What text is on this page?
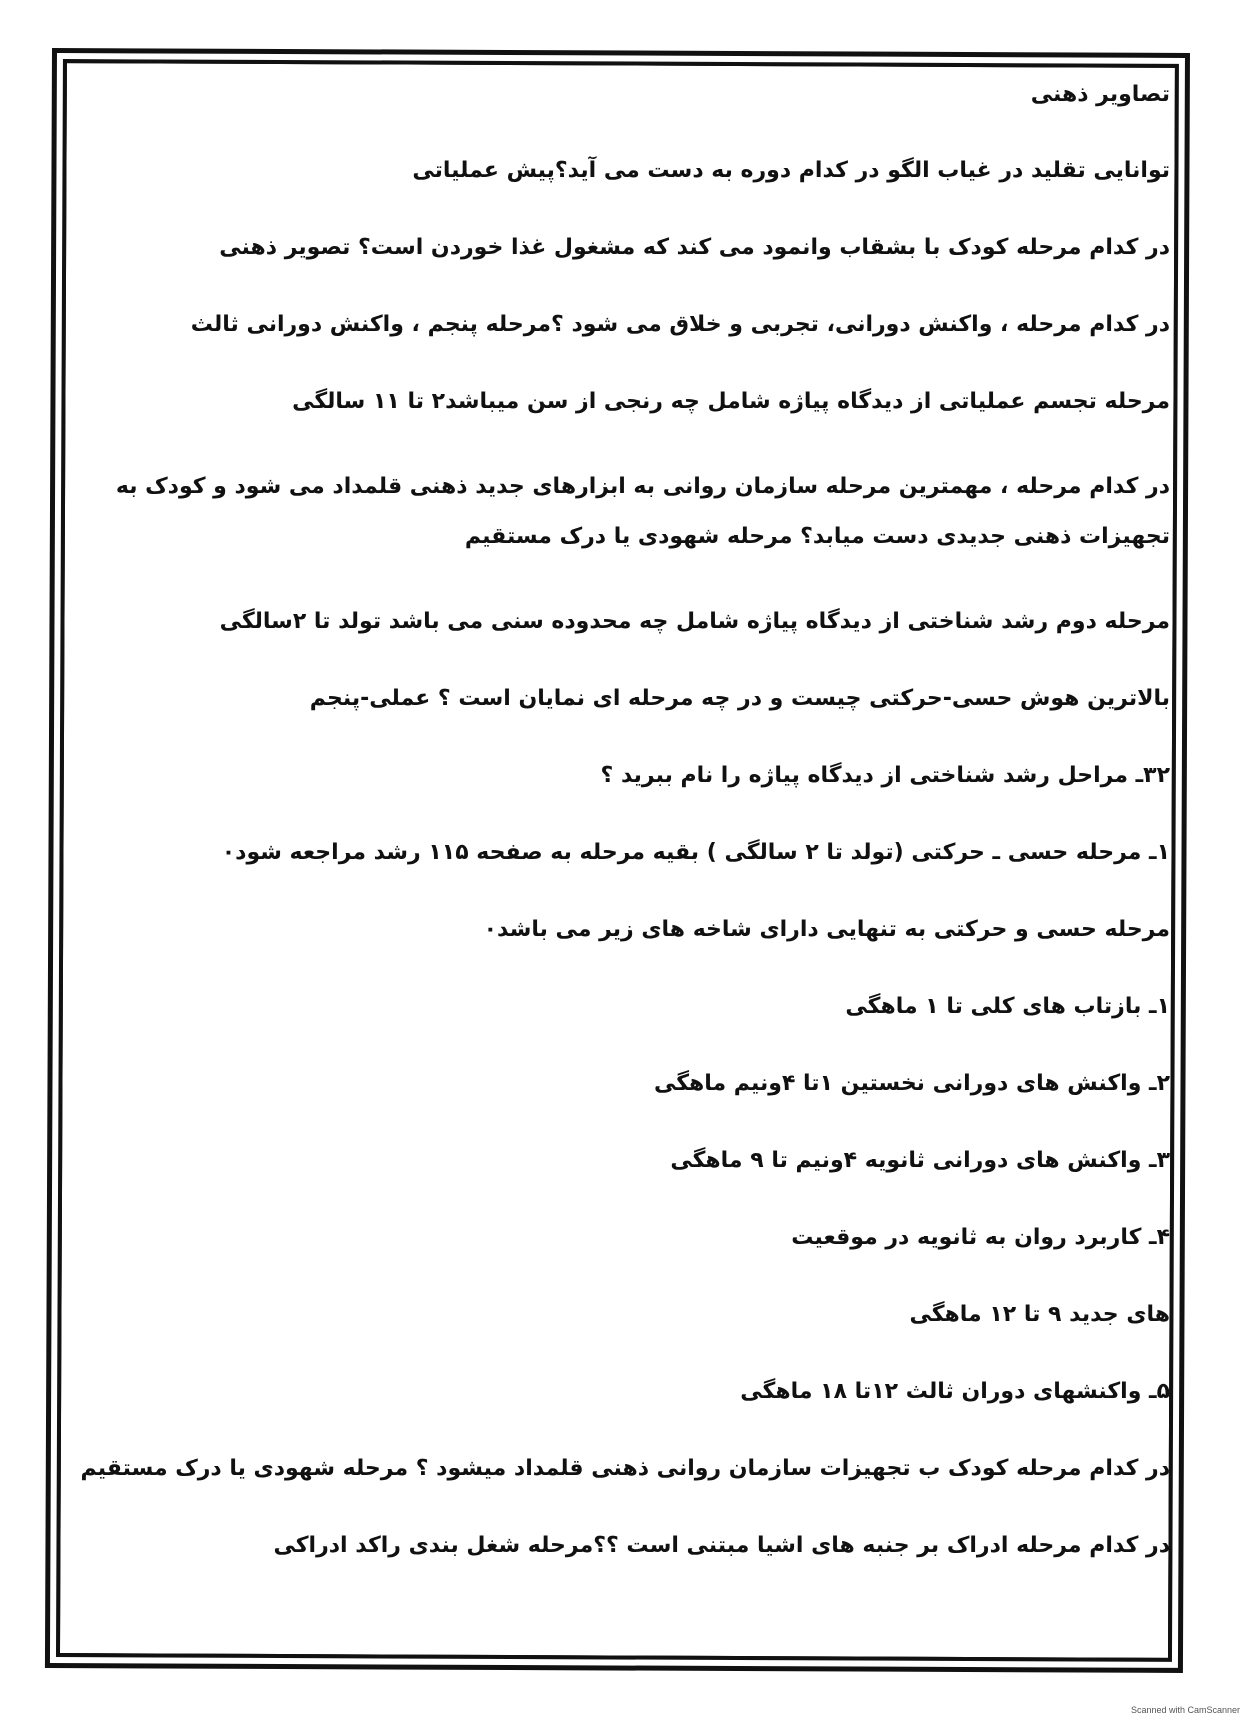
تصاویر ذهنی

توانایی تقلید در غیاب الگو در کدام دوره به دست می آید؟پیش عملیاتی

در کدام مرحله کودک با بشقاب وانمود می کند که مشغول غذا خوردن است؟ تصویر ذهنی

در کدام مرحله ، واکنش دورانی، تجربی و خلاق می شود ؟مرحله پنجم ، واکنش دورانی ثالث

مرحله تجسم عملیاتی از دیدگاه پیاژه شامل چه رنجی از سن میباشد۲ تا ۱۱ سالگی

در کدام مرحله ، مهمترین مرحله سازمان روانی به ابزارهای جدید ذهنی قلمداد می شود و کودک به تجهیزات ذهنی جدیدی دست میابد؟ مرحله شهودی یا درک مستقیم

مرحله دوم رشد شناختی از دیدگاه پیاژه شامل چه محدوده سنی می باشد تولد تا ۲سالگی

بالاترین هوش حسی-حرکتی چیست و در چه مرحله ای نمایان است ؟ عملی-پنجم

۳۲ـ مراحل رشد شناختی از دیدگاه پیاژه را نام ببرید ؟

۱ـ مرحله حسی ـ حرکتی (تولد تا ۲ سالگی ) بقیه مرحله به صفحه ۱۱۵ رشد مراجعه شود۰

مرحله حسی و حرکتی به تنهایی دارای شاخه های زیر می باشد۰

۱ـ بازتاب های کلی تا ۱ ماهگی

۲ـ واکنش های دورانی نخستین ۱تا ۴ونیم ماهگی

۳ـ واکنش های دورانی ثانویه ۴ونیم تا ۹ ماهگی

۴ـ کاربرد روان به ثانویه در موقعیت

های جدید ۹ تا ۱۲ ماهگی

۵ـ واکنشهای دوران ثالث ۱۲تا ۱۸ ماهگی

در کدام مرحله کودک ب تجهیزات سازمان روانی ذهنی قلمداد میشود ؟ مرحله شهودی یا درک مستقیم

در کدام مرحله ادراک بر جنبه های اشیا مبتنی است ؟؟مرحله شغل بندی راکد ادراکی

Scanned with CamScanner
